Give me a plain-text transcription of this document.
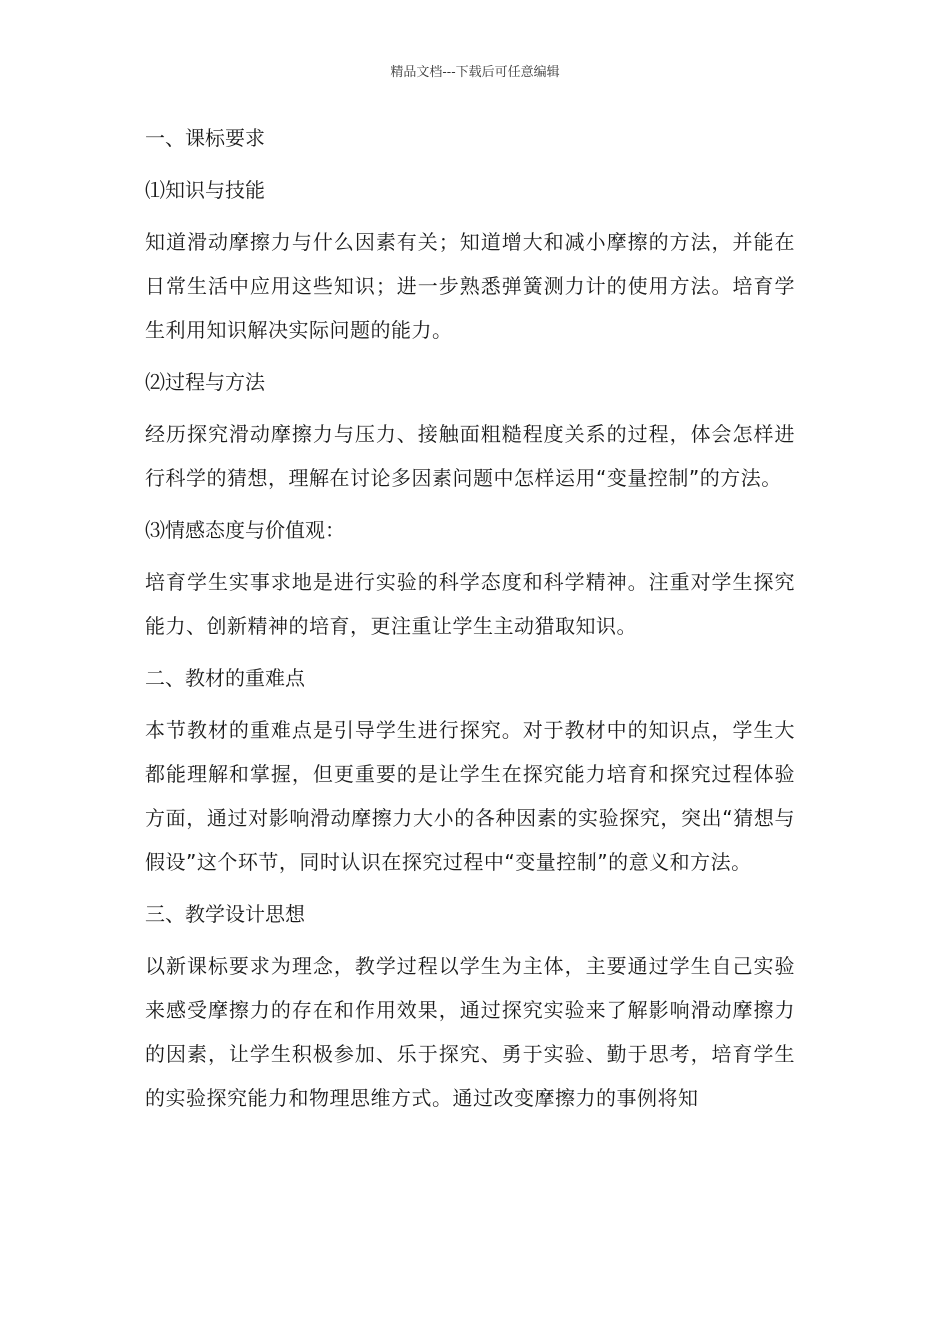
精品文档---下载后可任意编辑
一、课标要求
⑴知识与技能

知道滑动摩擦力与什么因素有关；知道增大和减小摩擦的方法，并能在日常生活中应用这些知识；进一步熟悉弹簧测力计的使用方法。培育学生利用知识解决实际问题的能力。

⑵过程与方法

经历探究滑动摩擦力与压力、接触面粗糙程度关系的过程，体会怎样进行科学的猜想，理解在讨论多因素问题中怎样运用“变量控制”的方法。

⑶情感态度与价值观：

培育学生实事求地是进行实验的科学态度和科学精神。注重对学生探究能力、创新精神的培育，更注重让学生主动猎取知识。

二、教材的重难点

本节教材的重难点是引导学生进行探究。对于教材中的知识点，学生大都能理解和掌握，但更重要的是让学生在探究能力培育和探究过程体验方面，通过对影响滑动摩擦力大小的各种因素的实验探究，突出“猜想与假设”这个环节，同时认识在探究过程中“变量控制”的意义和方法。

三、教学设计思想

以新课标要求为理念，教学过程以学生为主体，主要通过学生自己实验来感受摩擦力的存在和作用效果，通过探究实验来了解影响滑动摩擦力的因素，让学生积极参加、乐于探究、勇于实验、勤于思考，培育学生的实验探究能力和物理思维方式。通过改变摩擦力的事例将知
